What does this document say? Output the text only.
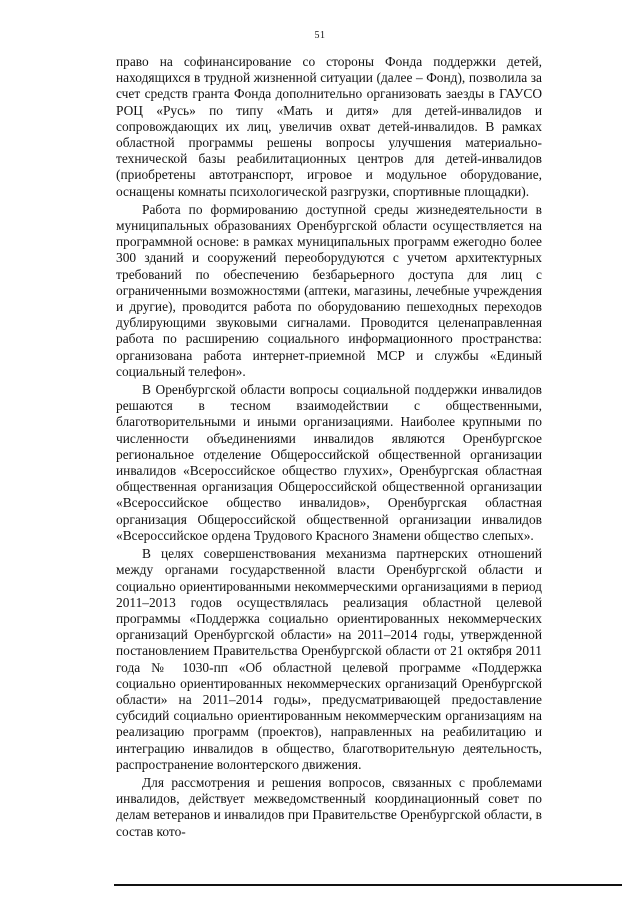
51

право на софинансирование со стороны Фонда поддержки детей, находящихся в трудной жизненной ситуации (далее – Фонд), позволила за счет средств гранта Фонда дополнительно организовать заезды в ГАУСО РОЦ «Русь» по типу «Мать и дитя» для детей-инвалидов и сопровождающих их лиц, увеличив охват детей-инвалидов. В рамках областной программы решены вопросы улучшения материально-технической базы реабилитационных центров для детей-инвалидов (приобретены автотранспорт, игровое и модульное оборудование, оснащены комнаты психологической разгрузки, спортивные площадки).

Работа по формированию доступной среды жизнедеятельности в муниципальных образованиях Оренбургской области осуществляется на программной основе: в рамках муниципальных программ ежегодно более 300 зданий и сооружений переоборудуются с учетом архитектурных требований по обеспечению безбарьерного доступа для лиц с ограниченными возможностями (аптеки, магазины, лечебные учреждения и другие), проводится работа по оборудованию пешеходных переходов дублирующими звуковыми сигналами. Проводится целенаправленная работа по расширению социального информационного пространства: организована работа интернет-приемной МСР и службы «Единый социальный телефон».

В Оренбургской области вопросы социальной поддержки инвалидов решаются в тесном взаимодействии с общественными, благотворительными и иными организациями. Наиболее крупными по численности объединениями инвалидов являются Оренбургское региональное отделение Общероссийской общественной организации инвалидов «Всероссийское общество глухих», Оренбургская областная общественная организация Общероссийской общественной организации «Всероссийское общество инвалидов», Оренбургская областная организация Общероссийской общественной организации инвалидов «Всероссийское ордена Трудового Красного Знамени общество слепых».

В целях совершенствования механизма партнерских отношений между органами государственной власти Оренбургской области и социально ориентированными некоммерческими организациями в период 2011–2013 годов осуществлялась реализация областной целевой программы «Поддержка социально ориентированных некоммерческих организаций Оренбургской области» на 2011–2014 годы, утвержденной постановлением Правительства Оренбургской области от 21 октября 2011 года № 1030-пп «Об областной целевой программе «Поддержка социально ориентированных некоммерческих организаций Оренбургской области» на 2011–2014 годы», предусматривающей предоставление субсидий социально ориентированным некоммерческим организациям на реализацию программ (проектов), направленных на реабилитацию и интеграцию инвалидов в общество, благотворительную деятельность, распространение волонтерского движения.

Для рассмотрения и решения вопросов, связанных с проблемами инвалидов, действует межведомственный координационный совет по делам ветеранов и инвалидов при Правительстве Оренбургской области, в состав кото-
